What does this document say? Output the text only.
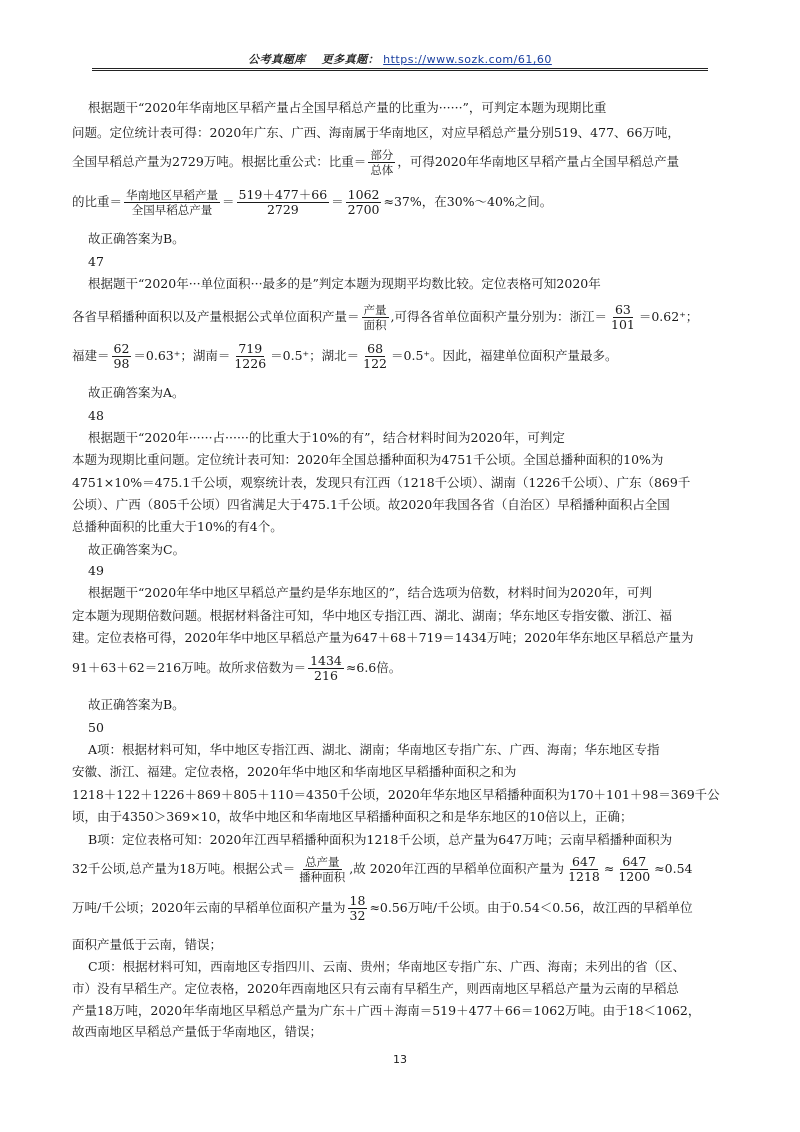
公考真题库 更多真题： https://www.sozk.com/61,60
根据题干“2020年华南地区早稻产量占全国早稻总产量的比重为······”，可判定本题为现期比重
问题。定位统计表可得：2020年广东、广西、海南属于华南地区，对应早稻总产量分别519、477、66万吨，
全国早稻总产量为2729万吨。根据比重公式：比重＝ $\frac{\text{部分}}{\text{总体}}$ ，可得2020年华南地区早稻产量占全国早稻总产量
的比重＝ $\frac{\text{华南地区早稻产量}}{\text{全国早稻总产量}} = \frac{519+477+66}{2729} = \frac{1062}{2700} \approx 37\%$，在30%～40%之间。
故正确答案为B。
47
根据题干“2020年···单位面积···最多的是”判定本题为现期平均数比较。定位表格可知2020年
各省早稻播种面积以及产量根据公式单位面积产量＝ $\frac{\text{产量}}{\text{面积}}$ ,可得各省单位面积产量分别为：浙江＝ $\frac{63}{101} =0.62^+$；
福建＝ $\frac{62}{98} =0.63^+$；湖南＝ $\frac{719}{1226} =0.5^+$；湖北＝ $\frac{68}{122} =0.5^+$。因此，福建单位面积产量最多。
故正确答案为A。
48
根据题干“2020年······占······的比重大于10%的有”，结合材料时间为2020年，可判定
本题为现期比重问题。定位统计表可知：2020年全国总播种面积为4751千公顷。全国总播种面积的10%为
4751×10%＝475.1千公顷，观察统计表，发现只有江西（1218千公顷）、湖南（1226千公顷）、广东（869千
公顷）、广西（805千公顷）四省满足大于475.1千公顷。故2020年我国各省（自治区）早稻播种面积占全国
总播种面积的比重大于10%的有4个。
故正确答案为C。
49
根据题干“2020年华中地区早稻总产量约是华东地区的”，结合选项为倍数，材料时间为2020年，可判
定本题为现期倍数问题。根据材料备注可知，华中地区专指江西、湖北、湖南；华东地区专指安徽、浙江、福
建。定位表格可得，2020年华中地区早稻总产量为647＋68＋719＝1434万吨；2020年华东地区早稻总产量为
91＋63＋62＝216万吨。故所求倍数为＝ $\frac{1434}{216} \approx 6.6$倍。
故正确答案为B。
50
A项：根据材料可知，华中地区专指江西、湖北、湖南；华南地区专指广东、广西、海南；华东地区专指
安徽、浙江、福建。定位表格，2020年华中地区和华南地区早稻播种面积之和为
1218＋122＋1226＋869＋805＋110＝4350千公顷，2020年华东地区早稻播种面积为170＋101＋98＝369千公
顷，由于4350＞369×10，故华中地区和华南地区早稻播种面积之和是华东地区的10倍以上，正确；
B项：定位表格可知：2020年江西早稻播种面积为1218千公顷，总产量为647万吨；云南早稻播种面积为
32千公顷,总产量为18万吨。根据公式＝ $\frac{\text{总产量}}{\text{播种面积}}$ ,故 2020年江西的早稻单位面积产量为 $\frac{647}{1218} \approx \frac{647}{1200} \approx 0.54$
万吨/千公顷；2020年云南的早稻单位面积产量为 $\frac{18}{32} \approx 0.56$万吨/千公顷。由于0.54＜0.56，故江西的早稻单位
面积产量低于云南，错误；
C项：根据材料可知，西南地区专指四川、云南、贵州；华南地区专指广东、广西、海南；未列出的省（区、
市）没有早稻生产。定位表格，2020年西南地区只有云南有早稻生产，则西南地区早稻总产量为云南的早稻总
产量18万吨，2020年华南地区早稻总产量为广东＋广西＋海南＝519＋477＋66＝1062万吨。由于18＜1062，
故西南地区早稻总产量低于华南地区，错误；
13
